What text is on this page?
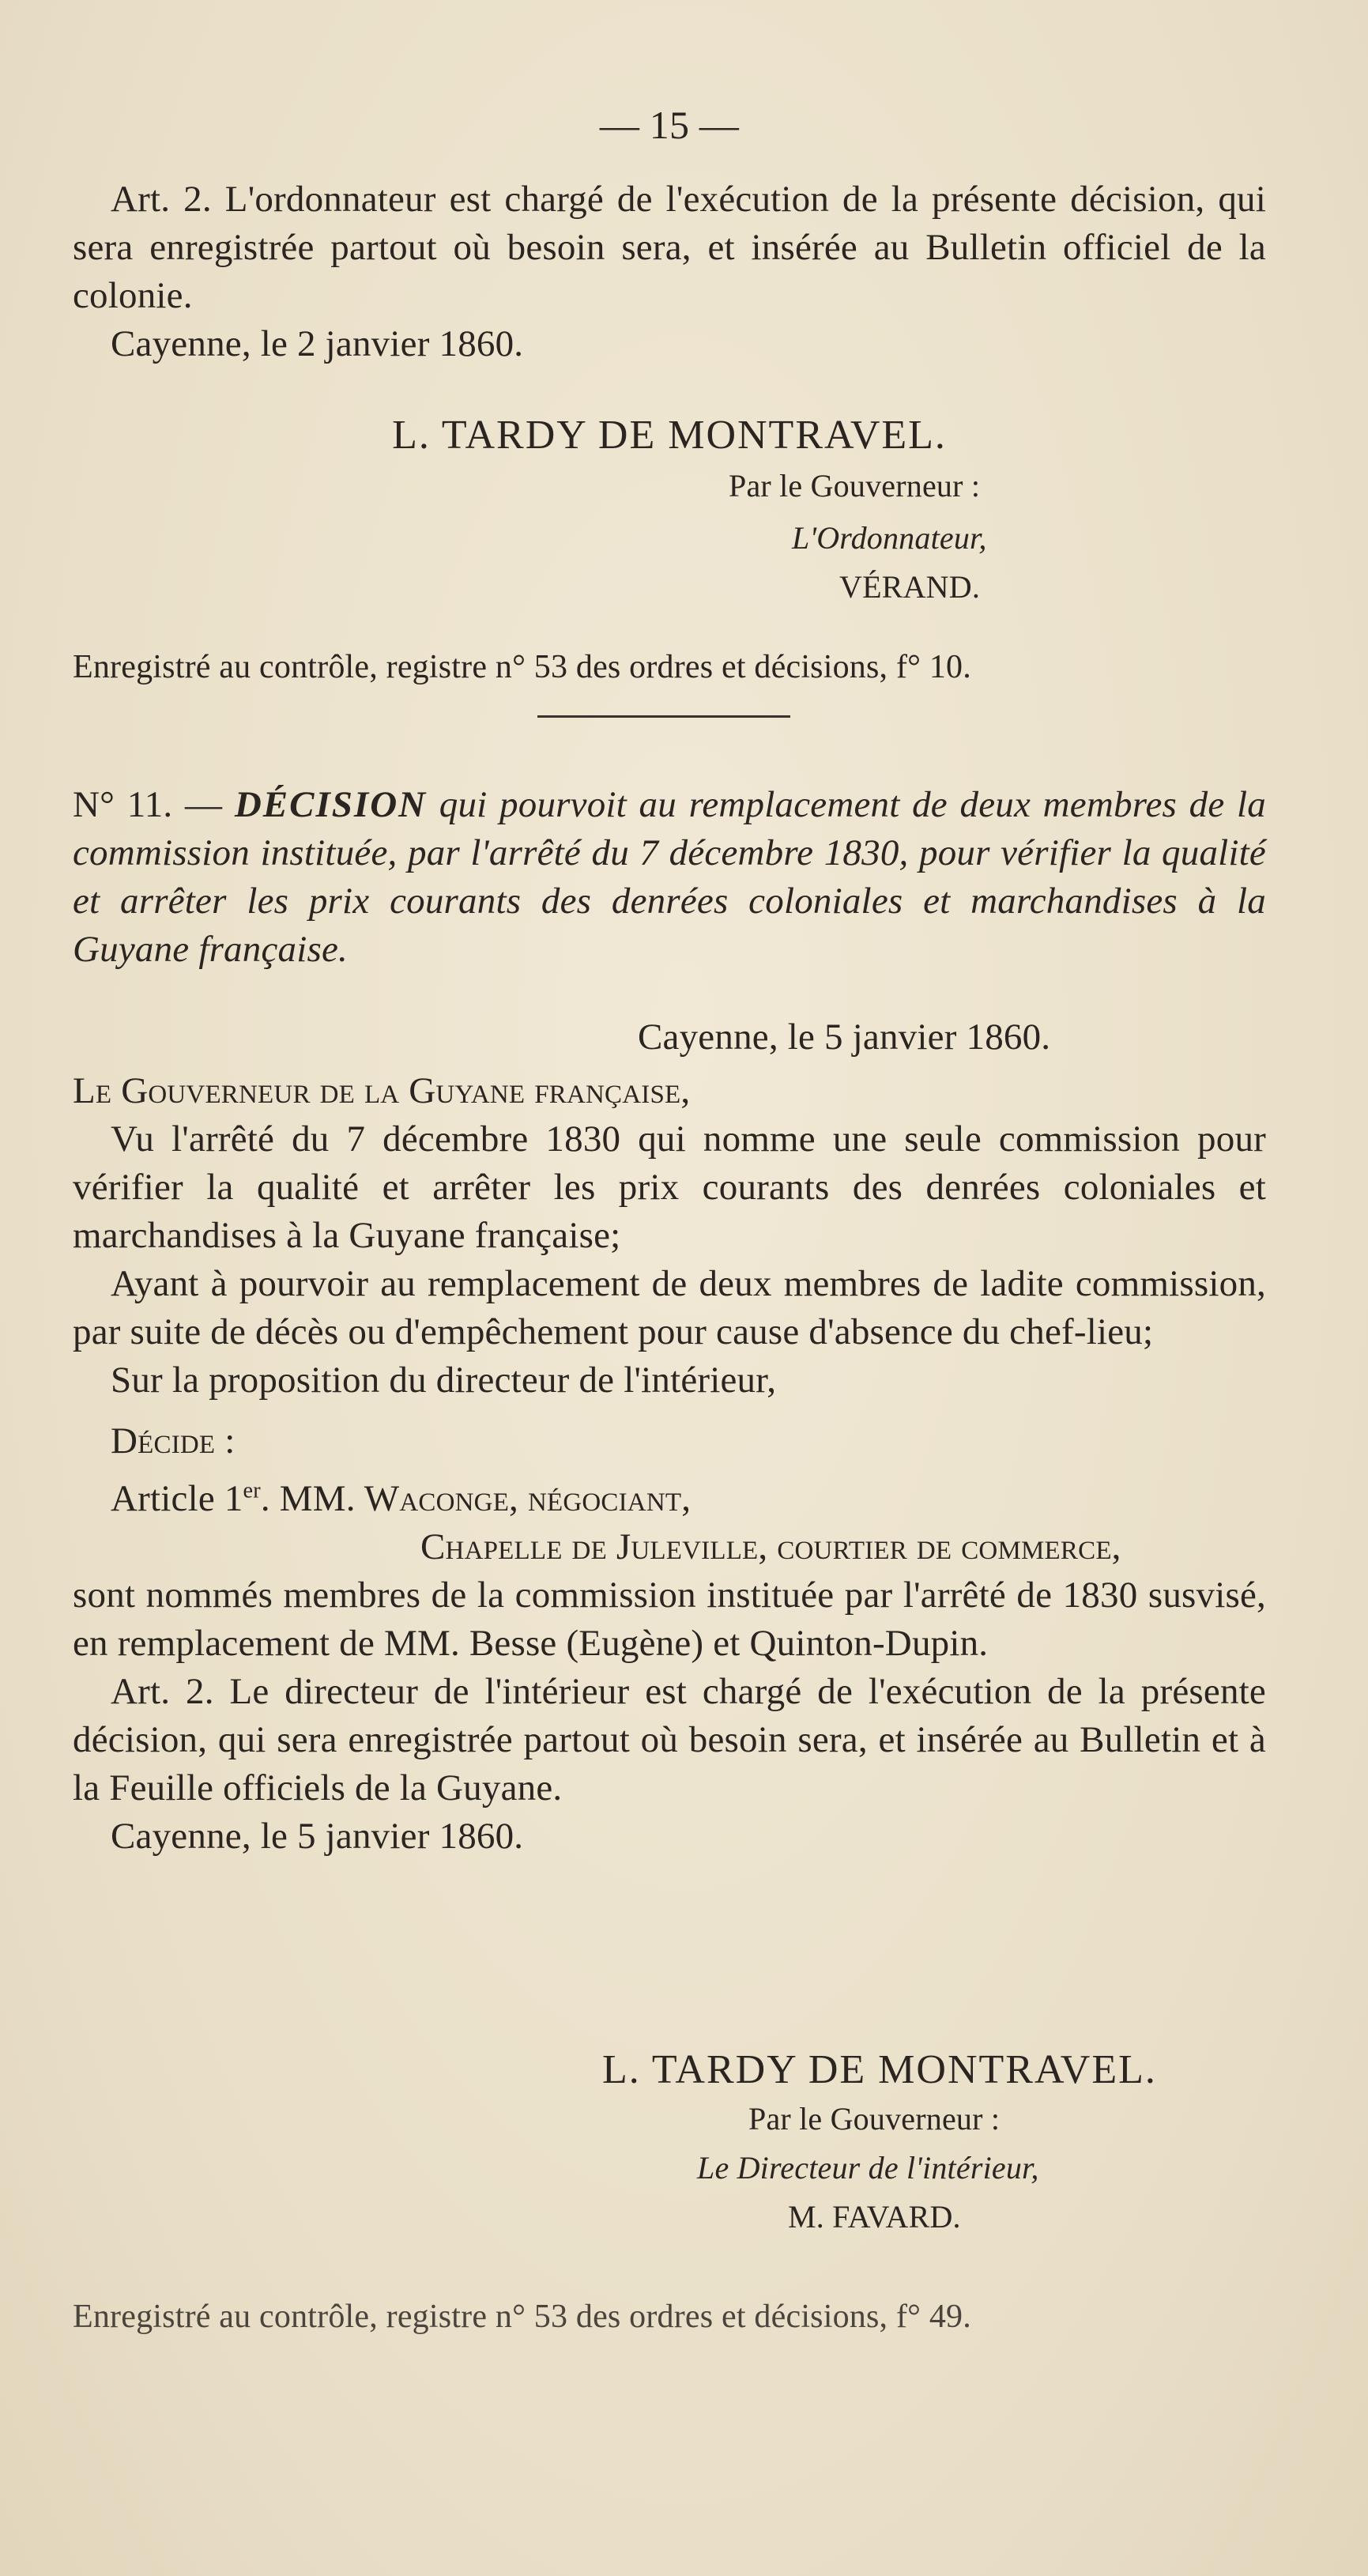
— 15 —

Art. 2. L'ordonnateur est chargé de l'exécution de la présente décision, qui sera enregistrée partout où besoin sera, et insérée au Bulletin officiel de la colonie.

Cayenne, le 2 janvier 1860.

L. TARDY DE MONTRAVEL.

Par le Gouverneur :

L'Ordonnateur,

VÉRAND.

Enregistré au contrôle, registre n° 53 des ordres et décisions, f° 10.

N° 11. — DÉCISION qui pourvoit au remplacement de deux membres de la commission instituée, par l'arrêté du 7 décembre 1830, pour vérifier la qualité et arrêter les prix courants des denrées coloniales et marchandises à la Guyane française.

Cayenne, le 5 janvier 1860.

Le Gouverneur de la Guyane française,

Vu l'arrêté du 7 décembre 1830 qui nomme une seule commission pour vérifier la qualité et arrêter les prix courants des denrées coloniales et marchandises à la Guyane française;

Ayant à pourvoir au remplacement de deux membres de ladite commission, par suite de décès ou d'empêchement pour cause d'absence du chef-lieu;

Sur la proposition du directeur de l'intérieur,

Décide :

Article 1er. MM. Waconge, négociant,

Chapelle de Juleville, courtier de commerce,

sont nommés membres de la commission instituée par l'arrêté de 1830 susvisé, en remplacement de MM. Besse (Eugène) et Quinton-Dupin.

Art. 2. Le directeur de l'intérieur est chargé de l'exécution de la présente décision, qui sera enregistrée partout où besoin sera, et insérée au Bulletin et à la Feuille officiels de la Guyane.

Cayenne, le 5 janvier 1860.

L. TARDY DE MONTRAVEL.

Par le Gouverneur :

Le Directeur de l'intérieur,

M. FAVARD.

Enregistré au contrôle, registre n° 53 des ordres et décisions, f° 49.
